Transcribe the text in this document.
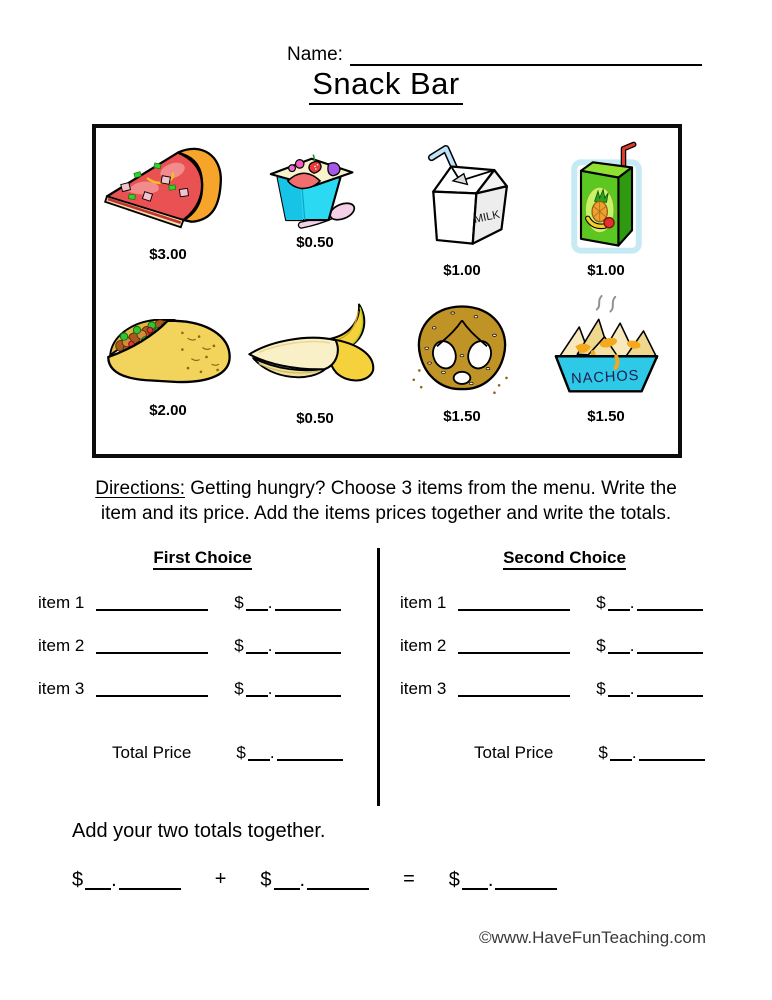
Name:
Snack Bar
$3.00
$0.50
MILK
$1.00	$1.00
$2.00	$0.50	$1.50
NACHOS
$1.50
Directions: Getting hungry? Choose 3 items from the menu. Write the
item and its price. Add the items prices together and write the totals.
First Choice
item 1	$ .
item 2	$ .
item 3	$ .
Total Price	$ .
Second Choice
item 1	$ .
item 2	$ .
item 3	$ .
Total Price	$ .
Add your two totals together.
$ .	+ $ .	= $ .
©www.HaveFunTeaching.com
